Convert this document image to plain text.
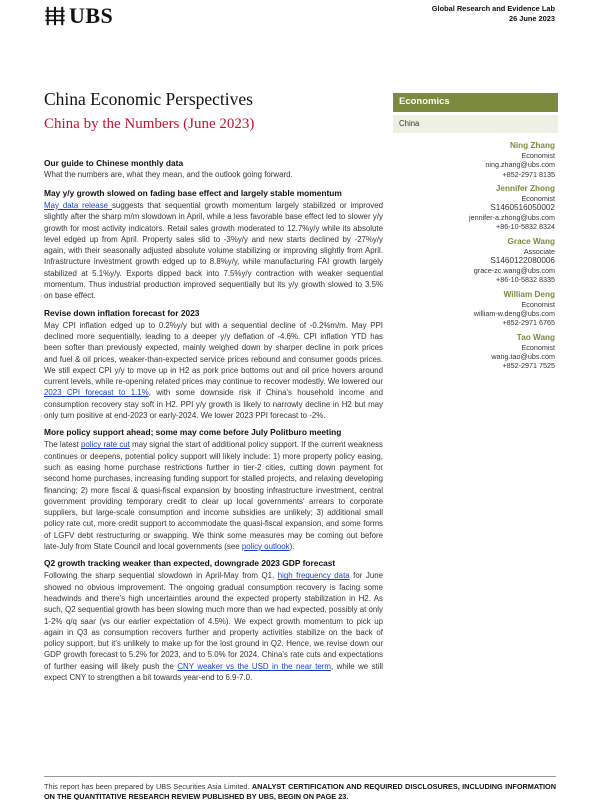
UBS	Global Research and Evidence Lab
26 June 2023
China Economic Perspectives
China by the Numbers (June 2023)
Economics
China
Ning Zhang
Economist
ning.zhang@ubs.com
+852-2971 8135
Jennifer Zhong
Economist
S1460516050002
jennifer-a.zhong@ubs.com
+86-10-5832 8324
Grace Wang
Associate
S1460122080006
grace-zc.wang@ubs.com
+86-10-5832 8335
William Deng
Economist
william-w.deng@ubs.com
+852-2971 6765
Tao Wang
Economist
wang.tao@ubs.com
+852-2971 7525
Our guide to Chinese monthly data
What the numbers are, what they mean, and the outlook going forward.
May y/y growth slowed on fading base effect and largely stable momentum
May data release suggests that sequential growth momentum largely stabilized or improved slightly after the sharp m/m slowdown in April, while a less favorable base effect led to slower y/y growth for most activity indicators. Retail sales growth moderated to 12.7%y/y while its absolute level edged up from April. Property sales slid to -3%y/y and new starts declined by -27%y/y again, with their seasonally adjusted absolute volume stabilizing or improving slightly from April. Infrastructure investment growth edged up to 8.8%y/y, while manufacturing FAI growth largely stabilized at 5.1%y/y. Exports dipped back into 7.5%y/y contraction with weaker sequential momentum. Thus industrial production improved sequentially but its y/y growth slowed to 3.5% on base effect.
Revise down inflation forecast for 2023
May CPI inflation edged up to 0.2%y/y but with a sequential decline of -0.2%m/m. May PPI declined more sequentially, leading to a deeper y/y deflation of -4.6%. CPI inflation YTD has been softer than previously expected, mainly weighed down by sharper decline in pork prices and fuel & oil prices, weaker-than-expected service prices rebound and consumer goods prices. We still expect CPI y/y to move up in H2 as pork price bottoms out and oil price hovers around current levels, while re-opening related prices may continue to recover modestly. We lowered our 2023 CPI forecast to 1.1%, with some downside risk if China's household income and consumption recovery stay soft in H2. PPI y/y growth is likely to narrowly decline in H2 but may only turn positive at end-2023 or early-2024. We lower 2023 PPI forecast to -2%.
More policy support ahead; some may come before July Politburo meeting
The latest policy rate cut may signal the start of additional policy support. If the current weakness continues or deepens, potential policy support will likely include: 1) more property policy easing, such as easing home purchase restrictions further in tier-2 cities, cutting down payment for second home purchases, increasing funding support for stalled projects, and relaxing developing financing; 2) more fiscal & quasi-fiscal expansion by boosting infrastructure investment, central government providing temporary credit to clear up local governments' arrears to corporate suppliers, but large-scale consumption and income subsidies are unlikely; 3) additional small policy rate cut, more credit support to accommodate the quasi-fiscal expansion, and some forms of LGFV debt restructuring or swapping. We think some measures may be coming out before late-July from State Council and local governments (see policy outlook).
Q2 growth tracking weaker than expected, downgrade 2023 GDP forecast
Following the sharp sequential slowdown in April-May from Q1, high frequency data for June showed no obvious improvement. The ongoing gradual consumption recovery is facing some headwinds and there's high uncertainties around the expected property stabilization in H2. As such, Q2 sequential growth has been slowing much more than we had expected, possibly at only 1-2% q/q saar (vs our earlier expectation of 4.5%). We expect growth momentum to pick up again in Q3 as consumption recovers further and property activities stabilize on the back of policy support, but it's unlikely to make up for the lost ground in Q2. Hence, we revise down our GDP growth forecast to 5.2% for 2023, and to 5.0% for 2024. China's rate cuts and expectations of further easing will likely push the CNY weaker vs the USD in the near term, while we still expect CNY to strengthen a bit towards year-end to 6.9-7.0.
This report has been prepared by UBS Securities Asia Limited. ANALYST CERTIFICATION AND REQUIRED DISCLOSURES, INCLUDING INFORMATION ON THE QUANTITATIVE RESEARCH REVIEW PUBLISHED BY UBS, BEGIN ON PAGE 23.
